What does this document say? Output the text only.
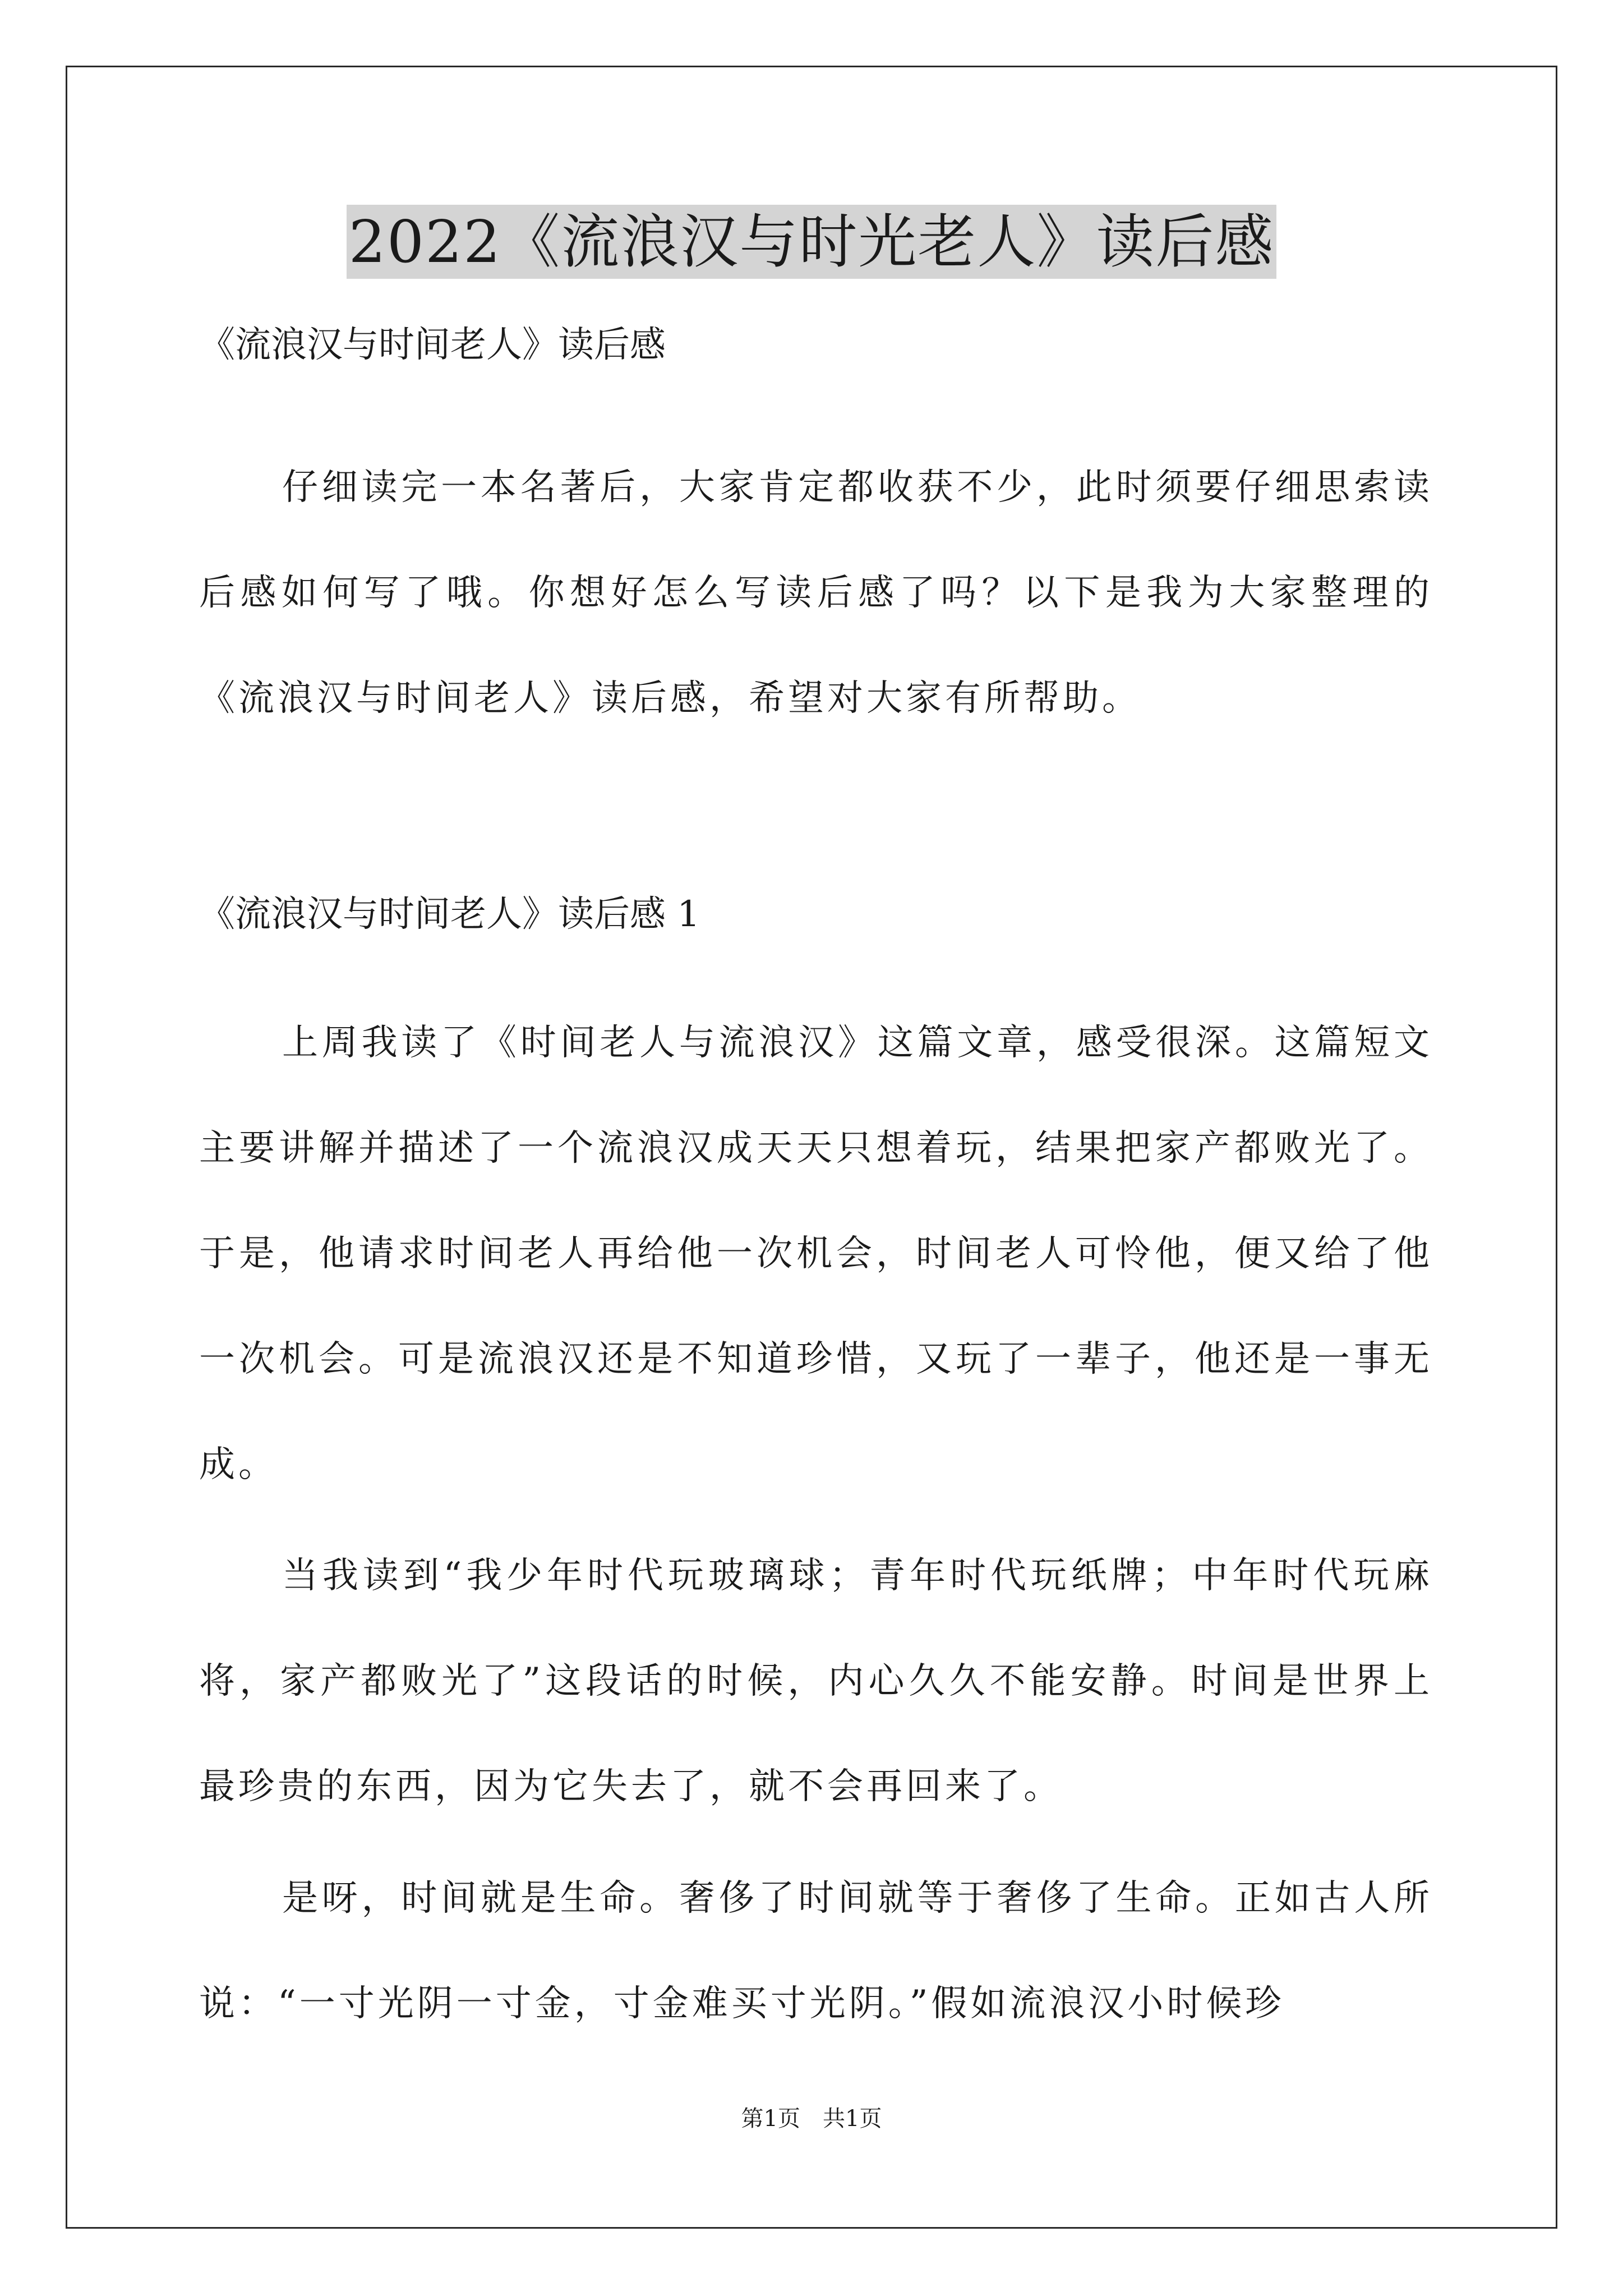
2022《流浪汉与时光老人》读后感
《流浪汉与时间老人》读后感
仔细读完一本名著后，大家肯定都收获不少，此时须要仔细思索读后感如何写了哦。你想好怎么写读后感了吗？以下是我为大家整理的《流浪汉与时间老人》读后感，希望对大家有所帮助。
《流浪汉与时间老人》读后感 1
上周我读了《时间老人与流浪汉》这篇文章，感受很深。这篇短文主要讲解并描述了一个流浪汉成天天只想着玩，结果把家产都败光了。于是，他请求时间老人再给他一次机会，时间老人可怜他，便又给了他一次机会。可是流浪汉还是不知道珍惜，又玩了一辈子，他还是一事无成。
当我读到“我少年时代玩玻璃球；青年时代玩纸牌；中年时代玩麻将，家产都败光了”这段话的时候，内心久久不能安静。时间是世界上最珍贵的东西，因为它失去了，就不会再回来了。
是呀，时间就是生命。奢侈了时间就等于奢侈了生命。正如古人所说：“一寸光阴一寸金，寸金难买寸光阴。”假如流浪汉小时候珍
第1页　共1页
